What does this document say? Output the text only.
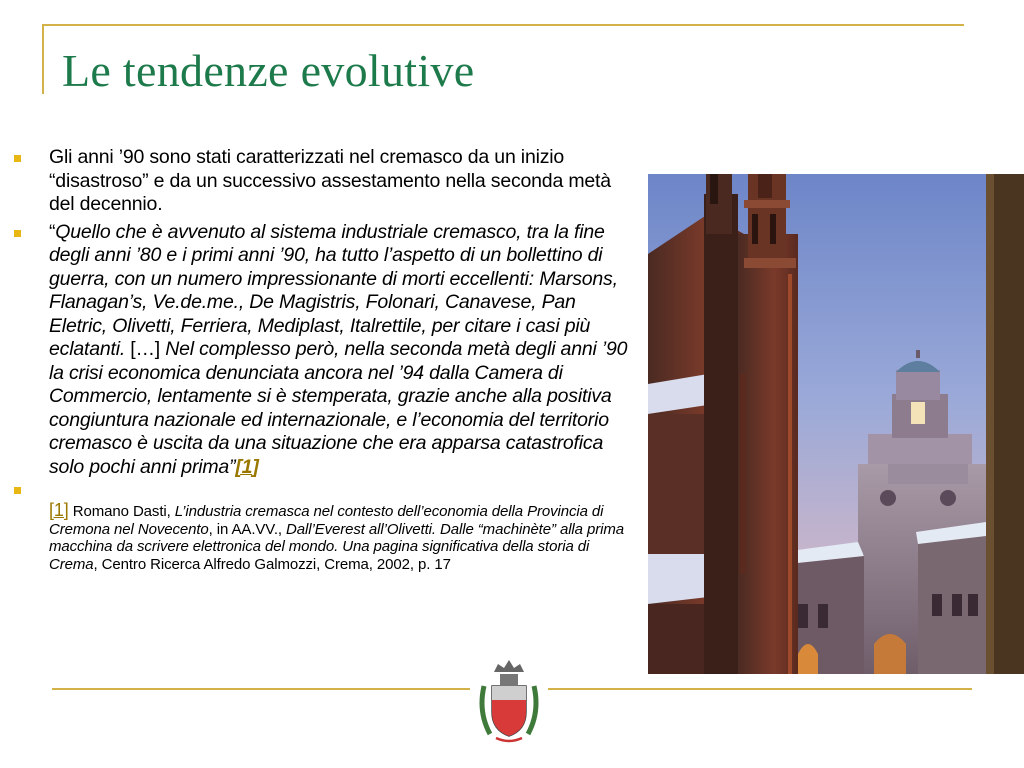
Le tendenze evolutive
Gli anni ’90 sono stati caratterizzati nel cremasco da un inizio “disastroso” e da un successivo assestamento nella seconda metà del decennio.
“Quello che è avvenuto al sistema industriale cremasco, tra la fine degli anni ’80 e i primi anni ’90, ha tutto l’aspetto di un bollettino di guerra, con un numero impressionante di morti eccellenti: Marsons, Flanagan’s, Ve.de.me., De Magistris, Folonari, Canavese, Pan Eletric, Olivetti, Ferriera, Mediplast, Italrettile, per citare i casi più eclatanti. […] Nel complesso però, nella seconda metà degli anni ’90 la crisi economica denunciata ancora nel ’94 dalla Camera di Commercio, lentamente si è stemperata, grazie anche alla positiva congiuntura nazionale ed internazionale, e l’economia del territorio cremasco è uscita da una situazione che era apparsa catastrofica solo pochi anni prima”[1]
[1] Romano Dasti, L’industria cremasca nel contesto dell’economia della Provincia di Cremona nel Novecento, in AA.VV., Dall’Everest all’Olivetti. Dalle “machinète” alla prima macchina da scrivere elettronica del mondo. Una pagina significativa della storia di Crema, Centro Ricerca Alfredo Galmozzi, Crema, 2002, p. 17
